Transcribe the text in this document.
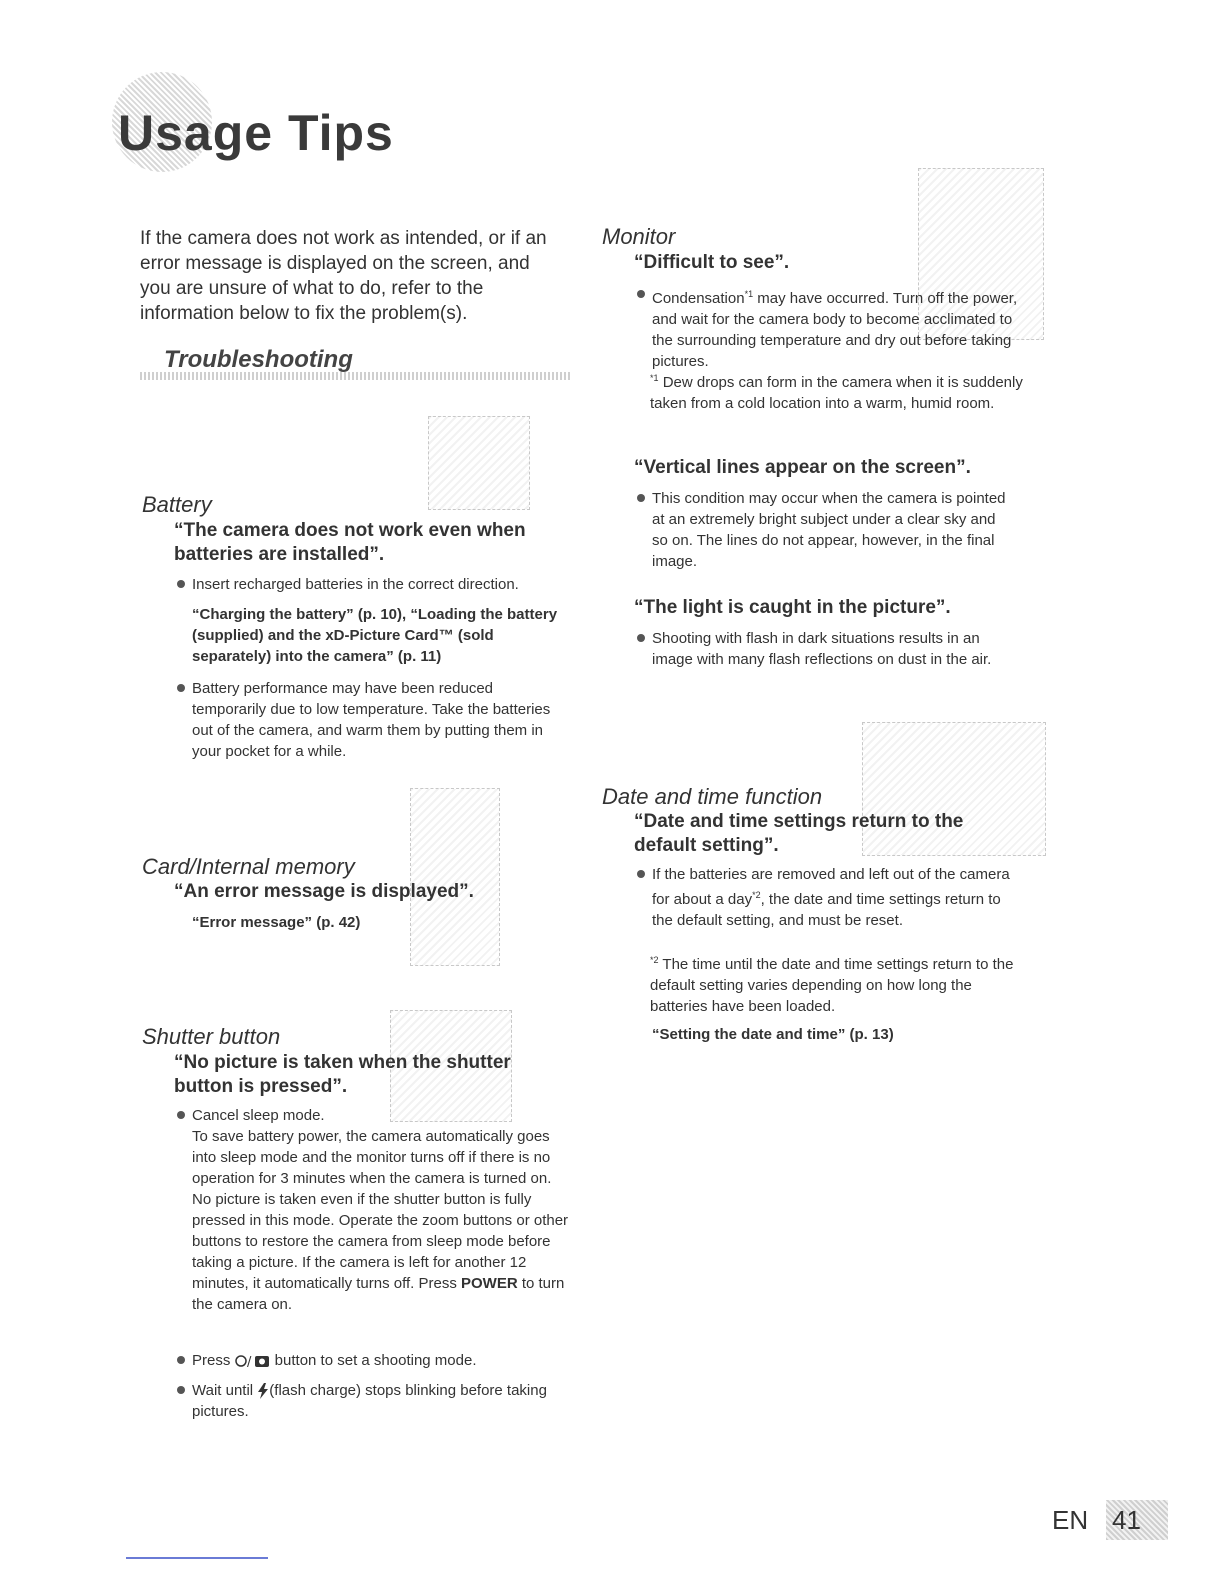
Usage Tips
If the camera does not work as intended, or if an error message is displayed on the screen, and you are unsure of what to do, refer to the information below to fix the problem(s).
Troubleshooting
Battery
“The camera does not work even when batteries are installed”.
Insert recharged batteries in the correct direction.
“Charging the battery” (p. 10), “Loading the battery (supplied) and the xD-Picture Card™ (sold separately) into the camera” (p. 11)
Battery performance may have been reduced temporarily due to low temperature. Take the batteries out of the camera, and warm them by putting them in your pocket for a while.
Card/Internal memory
“An error message is displayed”.
“Error message” (p. 42)
Shutter button
“No picture is taken when the shutter button is pressed”.
Cancel sleep mode.
To save battery power, the camera automatically goes into sleep mode and the monitor turns off if there is no operation for 3 minutes when the camera is turned on. No picture is taken even if the shutter button is fully pressed in this mode. Operate the zoom buttons or other buttons to restore the camera from sleep mode before taking a picture. If the camera is left for another 12 minutes, it automatically turns off. Press POWER to turn the camera on.
Press / button to set a shooting mode.
Wait until (flash charge) stops blinking before taking pictures.
Monitor
“Difficult to see”.
Condensation$^{*1}$ may have occurred. Turn off the power, and wait for the camera body to become acclimated to the surrounding temperature and dry out before taking pictures.
$^{*1}$ Dew drops can form in the camera when it is suddenly taken from a cold location into a warm, humid room.
“Vertical lines appear on the screen”.
This condition may occur when the camera is pointed at an extremely bright subject under a clear sky and so on. The lines do not appear, however, in the final image.
“The light is caught in the picture”.
Shooting with flash in dark situations results in an image with many flash reflections on dust in the air.
Date and time function
“Date and time settings return to the default setting”.
If the batteries are removed and left out of the camera for about a day$^{*2}$, the date and time settings return to the default setting, and must be reset.
$^{*2}$ The time until the date and time settings return to the default setting varies depending on how long the batteries have been loaded.
“Setting the date and time” (p. 13)
EN 41
